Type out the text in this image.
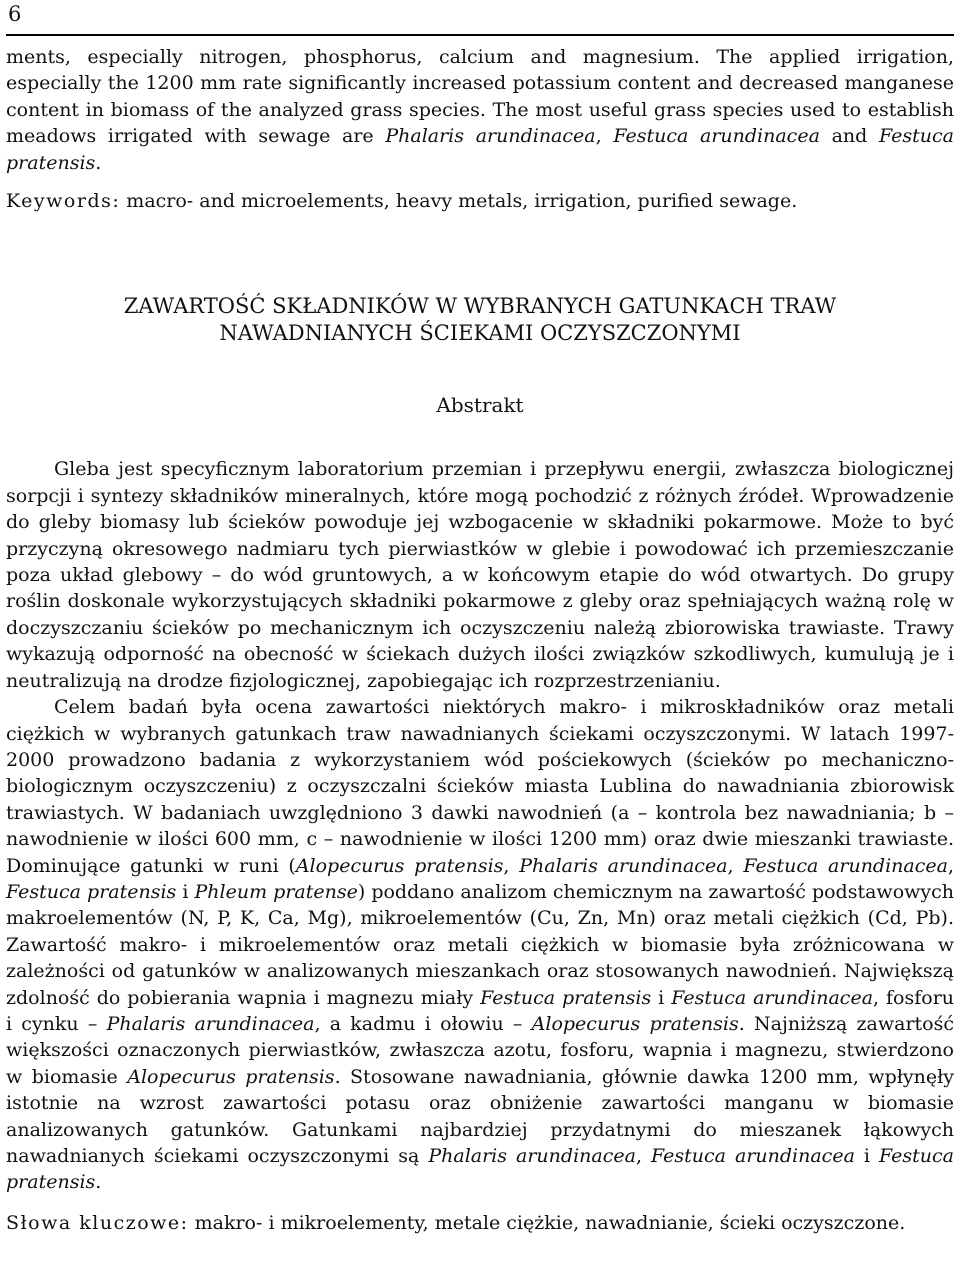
6

ments, especially nitrogen, phosphorus, calcium and magnesium. The applied irrigation, especially the 1200 mm rate significantly increased potassium content and decreased manganese content in biomass of the analyzed grass species. The most useful grass species used to establish meadows irrigated with sewage are Phalaris arundinacea, Festuca arundinacea and Festuca pratensis.

Keywords: macro- and microelements, heavy metals, irrigation, purified sewage.

ZAWARTOŚĆ SKŁADNIKÓW W WYBRANYCH GATUNKACH TRAW
NAWADNIANYCH ŚCIEKAMI OCZYSZCZONYMI
Abstrakt

Gleba jest specyficznym laboratorium przemian i przepływu energii, zwłaszcza biologicznej sorpcji i syntezy składników mineralnych, które mogą pochodzić z różnych źródeł. Wprowadzenie do gleby biomasy lub ścieków powoduje jej wzbogacenie w składniki pokarmowe. Może to być przyczyną okresowego nadmiaru tych pierwiastków w glebie i powodować ich przemieszczanie poza układ glebowy – do wód gruntowych, a w końcowym etapie do wód otwartych. Do grupy roślin doskonale wykorzystujących składniki pokarmowe z gleby oraz spełniających ważną rolę w doczyszczaniu ścieków po mechanicznym ich oczyszczeniu należą zbiorowiska trawiaste. Trawy wykazują odporność na obecność w ściekach dużych ilości związków szkodliwych, kumulują je i neutralizują na drodze fizjologicznej, zapobiegając ich rozprzestrzenianiu.

Celem badań była ocena zawartości niektórych makro- i mikroskładników oraz metali ciężkich w wybranych gatunkach traw nawadnianych ściekami oczyszczonymi. W latach 1997-2000 prowadzono badania z wykorzystaniem wód pościekowych (ścieków po mechaniczno-biologicznym oczyszczeniu) z oczyszczalni ścieków miasta Lublina do nawadniania zbiorowisk trawiastych. W badaniach uwzględniono 3 dawki nawodnień (a – kontrola bez nawadniania; b – nawodnienie w ilości 600 mm, c – nawodnienie w ilości 1200 mm) oraz dwie mieszanki trawiaste. Dominujące gatunki w runi (Alopecurus pratensis, Phalaris arundinacea, Festuca arundinacea, Festuca pratensis i Phleum pratense) poddano analizom chemicznym na zawartość podstawowych makroelementów (N, P, K, Ca, Mg), mikroelementów (Cu, Zn, Mn) oraz metali ciężkich (Cd, Pb). Zawartość makro- i mikroelementów oraz metali ciężkich w biomasie była zróżnicowana w zależności od gatunków w analizowanych mieszankach oraz stosowanych nawodnień. Największą zdolność do pobierania wapnia i magnezu miały Festuca pratensis i Festuca arundinacea, fosforu i cynku – Phalaris arundinacea, a kadmu i ołowiu – Alopecurus pratensis. Najniższą zawartość większości oznaczonych pierwiastków, zwłaszcza azotu, fosforu, wapnia i magnezu, stwierdzono w biomasie Alopecurus pratensis. Stosowane nawadniania, głównie dawka 1200 mm, wpłynęły istotnie na wzrost zawartości potasu oraz obniżenie zawartości manganu w biomasie analizowanych gatunków. Gatunkami najbardziej przydatnymi do mieszanek łąkowych nawadnianych ściekami oczyszczonymi są Phalaris arundinacea, Festuca arundinacea i Festuca pratensis.

Słowa kluczowe: makro- i mikroelementy, metale ciężkie, nawadnianie, ścieki oczyszczone.
